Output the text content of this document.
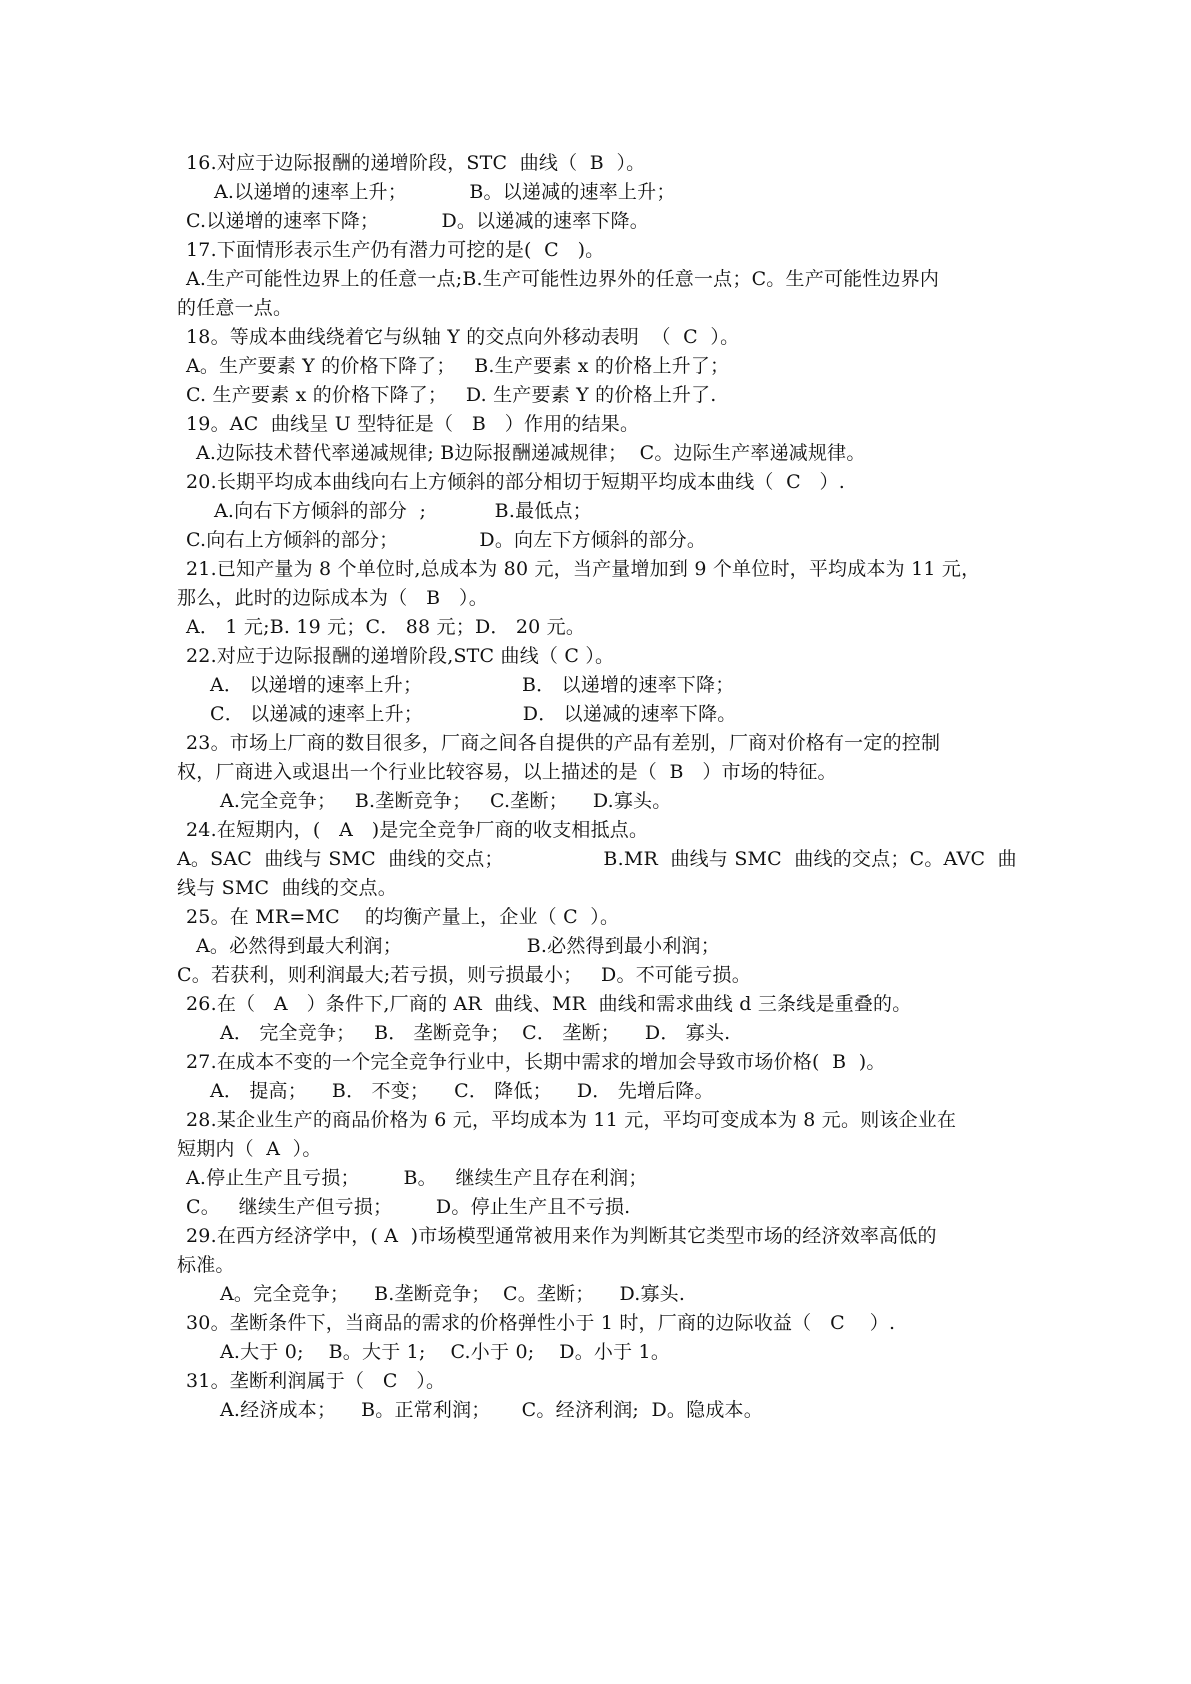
16.对应于边际报酬的递增阶段，STC  曲线（  B  ）。
A.以递增的速率上升；          B。以递减的速率上升；
C.以递增的速率下降；          D。以递减的速率下降。
17.下面情形表示生产仍有潜力可挖的是(  C   )。
A.生产可能性边界上的任意一点;B.生产可能性边界外的任意一点；C。生产可能性边界内
的任意一点。
18。等成本曲线绕着它与纵轴 Y 的交点向外移动表明  （  C  ）。
A。生产要素 Y 的价格下降了；   B.生产要素 x 的价格上升了；
C. 生产要素 x 的价格下降了；   D. 生产要素 Y 的价格上升了.
19。AC  曲线呈 U 型特征是（   B   ）作用的结果。
A.边际技术替代率递减规律; B边际报酬递减规律；  C。边际生产率递减规律。
20.长期平均成本曲线向右上方倾斜的部分相切于短期平均成本曲线（  C   ）.
A.向右下方倾斜的部分  ;           B.最低点；
C.向右上方倾斜的部分；             D。向左下方倾斜的部分。
21.已知产量为 8 个单位时,总成本为 80 元，当产量增加到 9 个单位时，平均成本为 11 元，
那么，此时的边际成本为（   B   ）。
A． 1 元;B. 19 元；C． 88 元；D． 20 元。
22.对应于边际报酬的递增阶段,STC 曲线（ C ）。
A． 以递增的速率上升；                B． 以递增的速率下降；
C． 以递减的速率上升；                D． 以递减的速率下降。
23。市场上厂商的数目很多，厂商之间各自提供的产品有差别，厂商对价格有一定的控制
权，厂商进入或退出一个行业比较容易，以上描述的是（  B   ）市场的特征。
A.完全竞争；   B.垄断竞争；   C.垄断；    D.寡头。
24.在短期内，(   A   )是完全竞争厂商的收支相抵点。
A。SAC  曲线与 SMC  曲线的交点；                B.MR  曲线与 SMC  曲线的交点；C。AVC  曲
线与 SMC  曲线的交点。
25。在 MR=MC    的均衡产量上，企业（ C  ）。
A。必然得到最大利润；                    B.必然得到最小利润；
C。若获利，则利润最大;若亏损，则亏损最小；   D。不可能亏损。
26.在（   A   ）条件下,厂商的 AR  曲线、MR  曲线和需求曲线 d 三条线是重叠的。
A． 完全竞争；   B． 垄断竞争；  C． 垄断；    D． 寡头.
27.在成本不变的一个完全竞争行业中，长期中需求的增加会导致市场价格(  B  )。
A． 提高；    B． 不变；    C． 降低；    D． 先增后降。
28.某企业生产的商品价格为 6 元，平均成本为 11 元，平均可变成本为 8 元。则该企业在
短期内（  A  ）。
A.停止生产且亏损；       B。   继续生产且存在利润；
C。   继续生产但亏损；       D。停止生产且不亏损.
29.在西方经济学中，( A  )市场模型通常被用来作为判断其它类型市场的经济效率高低的
标准。
A。完全竞争；    B.垄断竞争；  C。垄断；    D.寡头.
30。垄断条件下，当商品的需求的价格弹性小于 1 时，厂商的边际收益（   C    ）.
A.大于 0;    B。大于 1;    C.小于 0;    D。小于 1。
31。垄断利润属于（   C   ）。
A.经济成本；    B。正常利润；     C。经济利润;  D。隐成本。
